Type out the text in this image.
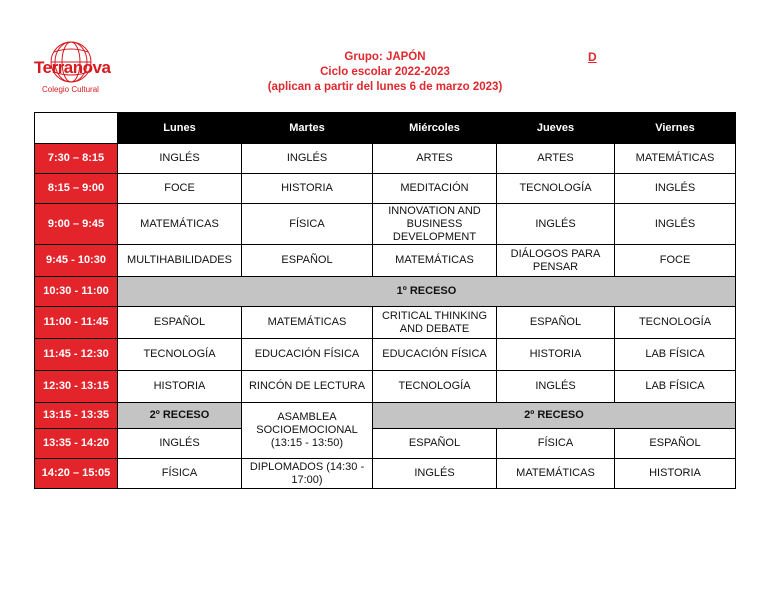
Terranova
Colegio Cultural
Grupo: JAPÓN
Ciclo escolar 2022-2023
(aplican a partir del lunes 6 de marzo 2023)
D
	Lunes	Martes	Miércoles	Jueves	Viernes
7:30 – 8:15	INGLÉS	INGLÉS	ARTES	ARTES	MATEMÁTICAS
8:15 – 9:00	FOCE	HISTORIA	MEDITACIÓN	TECNOLOGÍA	INGLÉS
9:00 – 9:45	MATEMÁTICAS	FÍSICA	INNOVATION AND BUSINESS DEVELOPMENT	INGLÉS	INGLÉS
9:45 - 10:30	MULTIHABILIDADES	ESPAÑOL	MATEMÁTICAS	DIÁLOGOS PARA PENSAR	FOCE
10:30 - 11:00	1º RECESO				
11:00 - 11:45	ESPAÑOL	MATEMÁTICAS	CRITICAL THINKING AND DEBATE	ESPAÑOL	TECNOLOGÍA
11:45 - 12:30	TECNOLOGÍA	EDUCACIÓN FÍSICA	EDUCACIÓN FÍSICA	HISTORIA	LAB FÍSICA
12:30 - 13:15	HISTORIA	RINCÓN DE LECTURA	TECNOLOGÍA	INGLÉS	LAB FÍSICA
13:15 - 13:35	2º RECESO	ASAMBLEA SOCIOEMOCIONAL (13:15 - 13:50)	2º RECESO		
13:35 - 14:20	INGLÉS		ESPAÑOL	FÍSICA	ESPAÑOL
14:20 – 15:05	FÍSICA	DIPLOMADOS (14:30 - 17:00)	INGLÉS	MATEMÁTICAS	HISTORIA
